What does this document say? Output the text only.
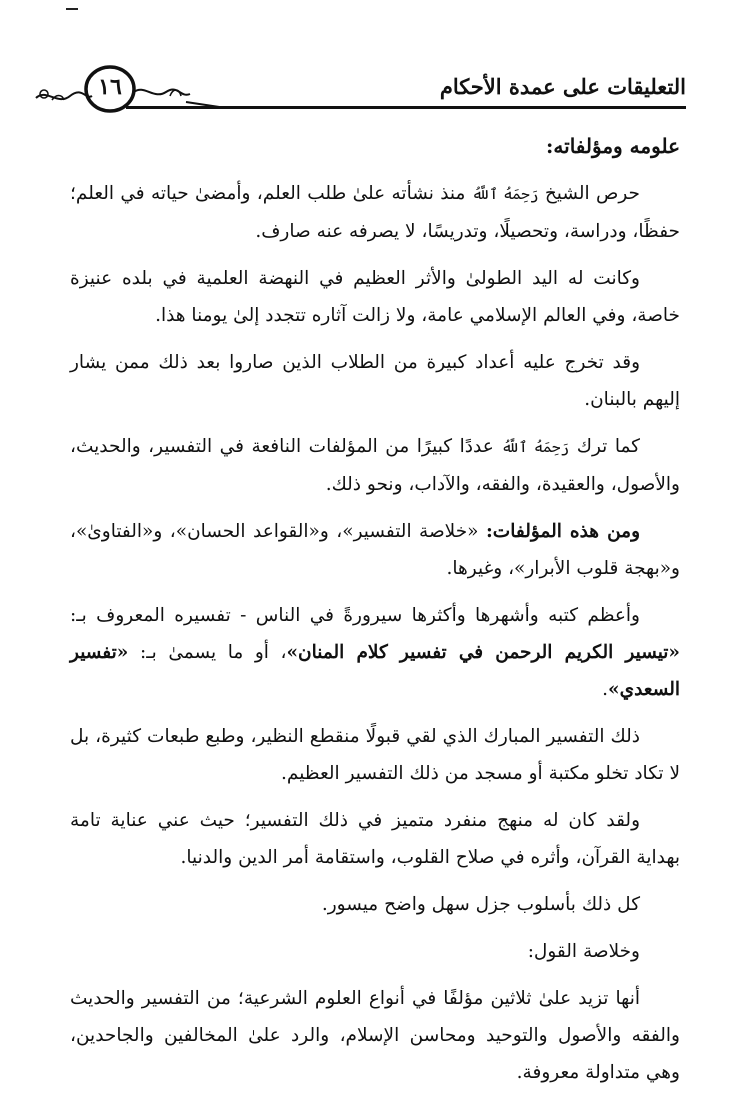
١٦	التعليقات على عمدة الأحكام
علومه ومؤلفاته:

حرص الشيخ رَحِمَهُ ٱللَّهُ منذ نشأته علىٰ طلب العلم، وأمضىٰ حياته في العلم؛ حفظًا، ودراسة، وتحصيلًا، وتدريسًا، لا يصرفه عنه صارف.

وكانت له اليد الطولىٰ والأثر العظيم في النهضة العلمية في بلده عنيزة خاصة، وفي العالم الإسلامي عامة، ولا زالت آثاره تتجدد إلىٰ يومنا هذا.

وقد تخرج عليه أعداد كبيرة من الطلاب الذين صاروا بعد ذلك ممن يشار إليهم بالبنان.

كما ترك رَحِمَهُ ٱللَّهُ عددًا كبيرًا من المؤلفات النافعة في التفسير، والحديث، والأصول، والعقيدة، والفقه، والآداب، ونحو ذلك.

ومن هذه المؤلفات: «خلاصة التفسير»، و«القواعد الحسان»، و«الفتاوىٰ»، و«بهجة قلوب الأبرار»، وغيرها.

وأعظم كتبه وأشهرها وأكثرها سيرورةً في الناس - تفسيره المعروف بـ: «تيسير الكريم الرحمن في تفسير كلام المنان»، أو ما يسمىٰ بـ: «تفسير السعدي».

ذلك التفسير المبارك الذي لقي قبولًا منقطع النظير، وطبع طبعات كثيرة، بل لا تكاد تخلو مكتبة أو مسجد من ذلك التفسير العظيم.

ولقد كان له منهج منفرد متميز في ذلك التفسير؛ حيث عني عناية تامة بهداية القرآن، وأثره في صلاح القلوب، واستقامة أمر الدين والدنيا.

كل ذلك بأسلوب جزل سهل واضح ميسور.

وخلاصة القول:

أنها تزيد علىٰ ثلاثين مؤلفًا في أنواع العلوم الشرعية؛ من التفسير والحديث والفقه والأصول والتوحيد ومحاسن الإسلام، والرد علىٰ المخالفين والجاحدين، وهي متداولة معروفة.
